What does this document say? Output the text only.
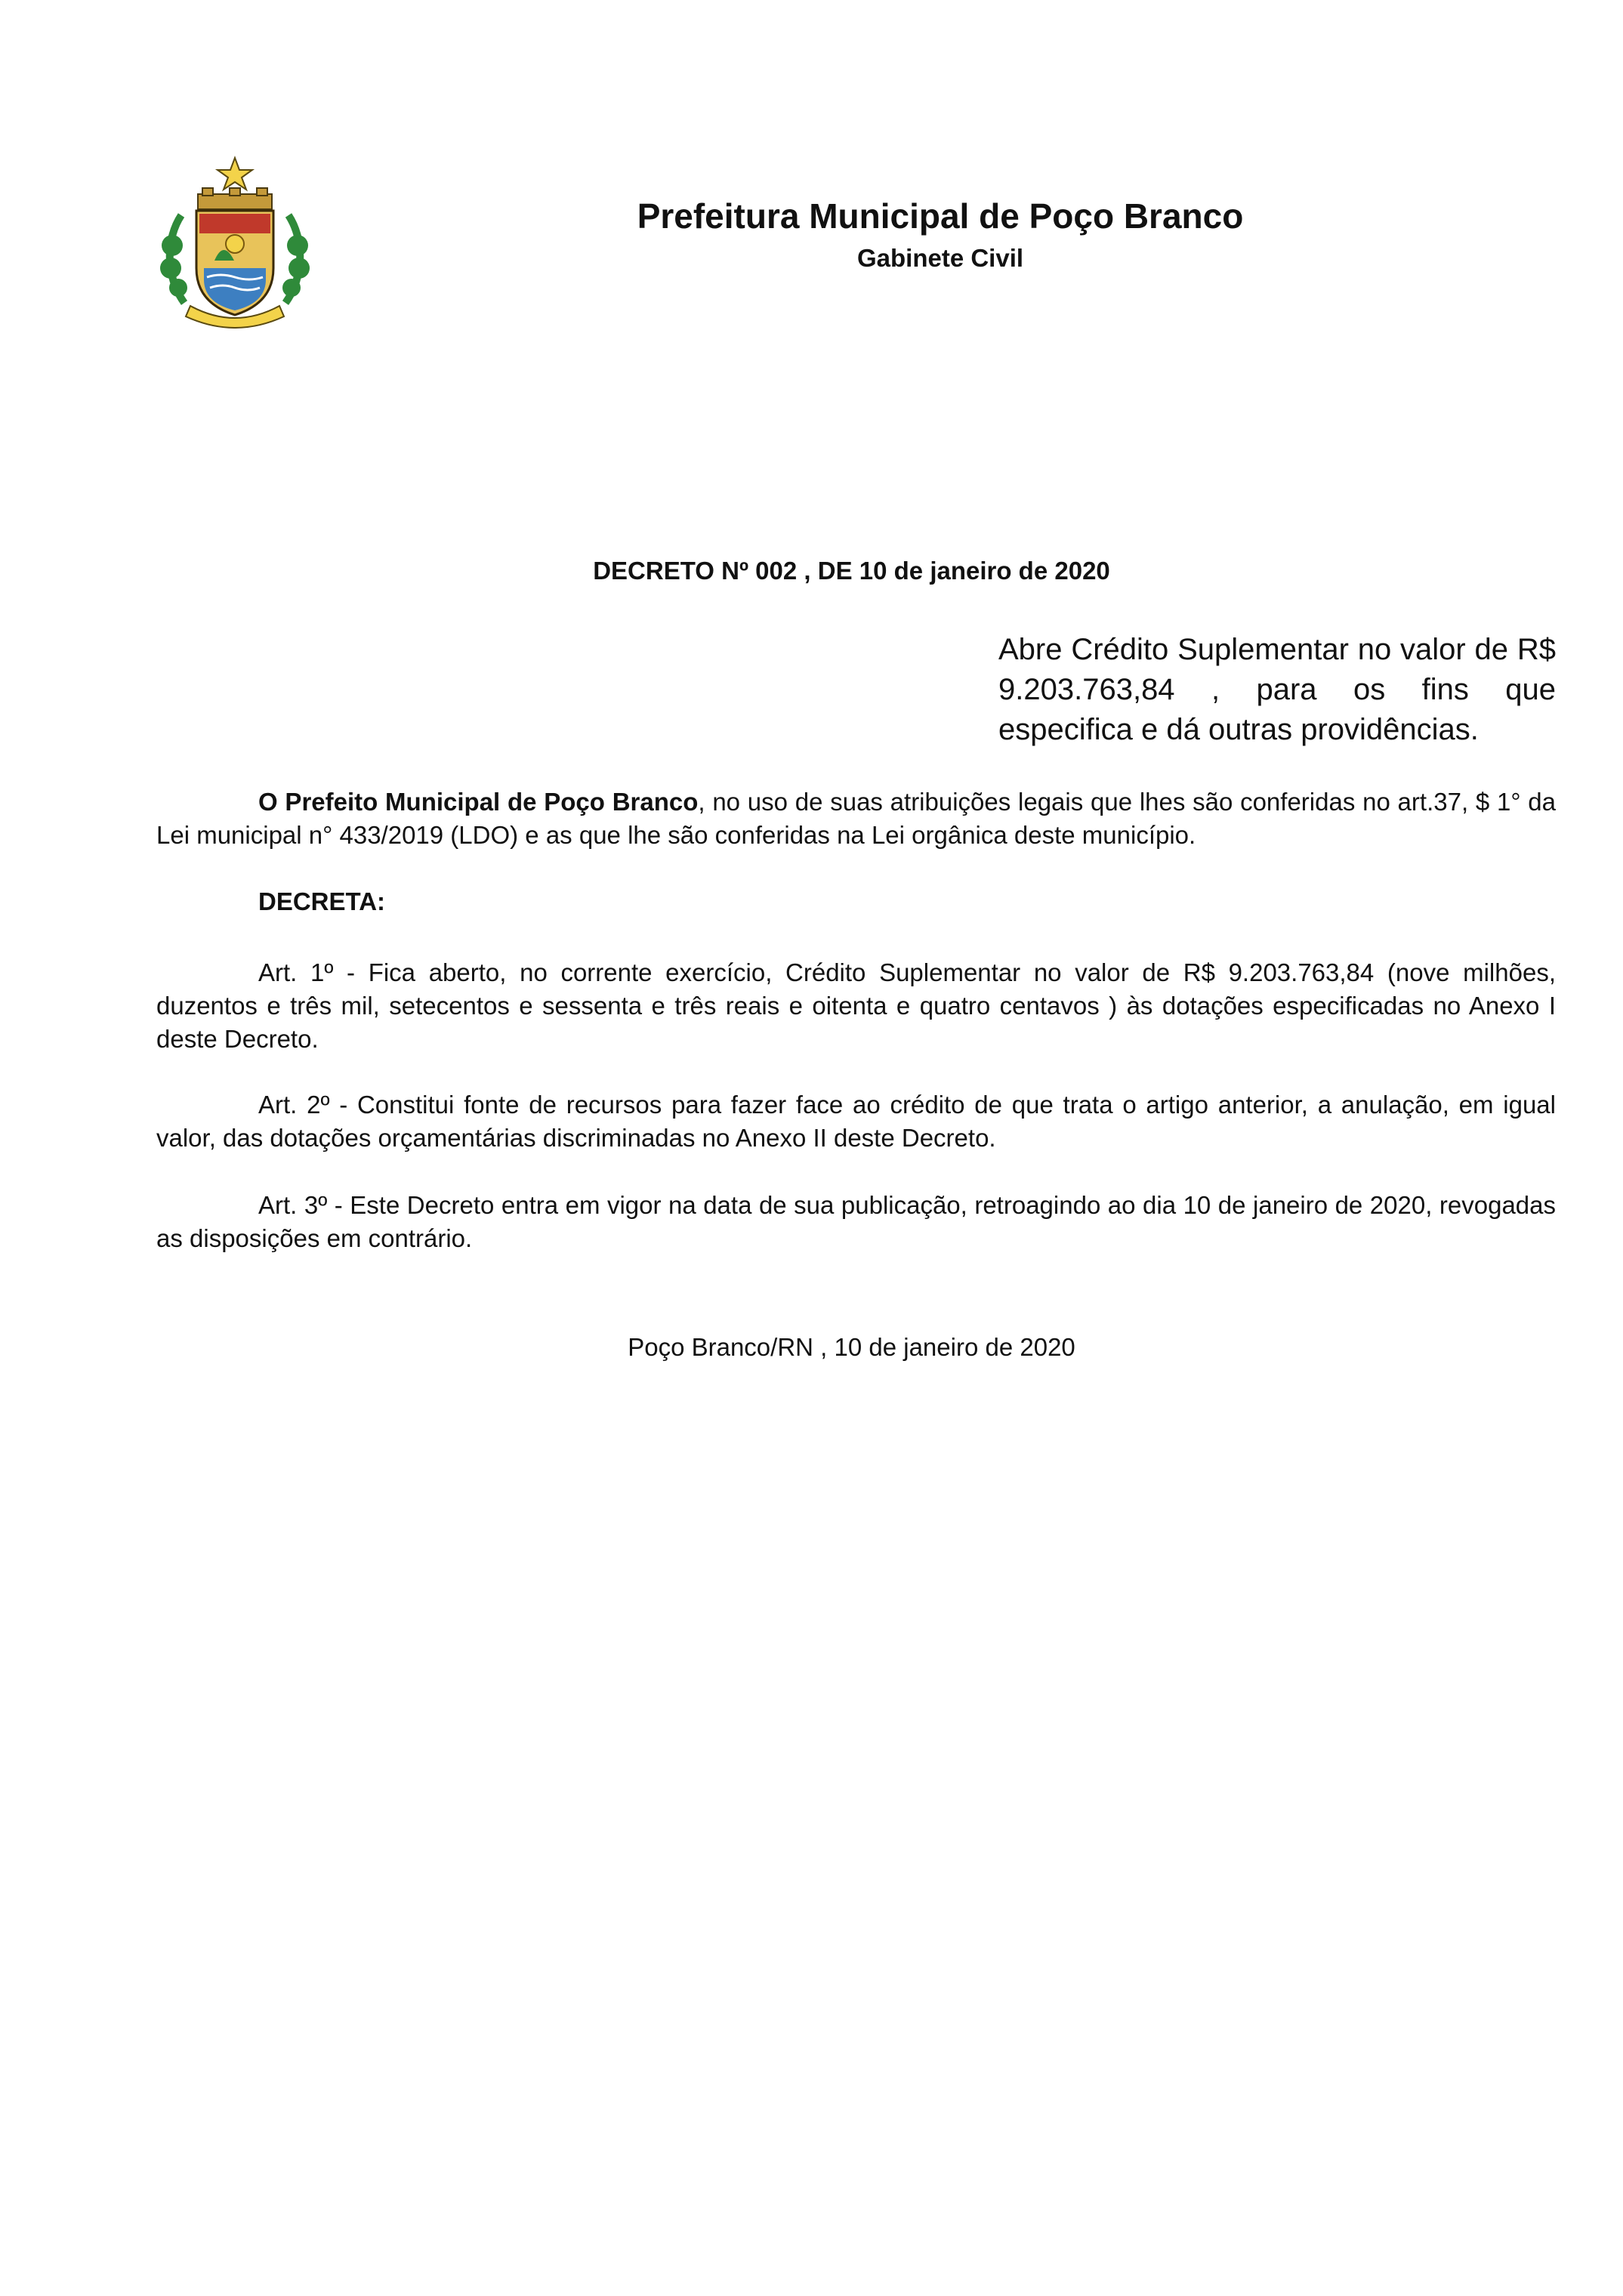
Prefeitura Municipal de Poço Branco
Gabinete Civil
DECRETO Nº 002 , DE 10 de janeiro de 2020
Abre Crédito Suplementar no valor de R$ 9.203.763,84 , para os fins que especifica e dá outras providências.

O Prefeito Municipal de Poço Branco, no uso de suas atribuições legais que lhes são conferidas no art.37, $ 1° da Lei municipal n° 433/2019 (LDO) e as que lhe são conferidas na Lei orgânica deste município.

DECRETA:

Art. 1º - Fica aberto, no corrente exercício, Crédito Suplementar no valor de R$ 9.203.763,84 (nove milhões, duzentos e três mil, setecentos e sessenta e três reais e oitenta e quatro centavos ) às dotações especificadas no Anexo I deste Decreto.

Art. 2º - Constitui fonte de recursos para fazer face ao crédito de que trata o artigo anterior, a anulação, em igual valor, das dotações orçamentárias discriminadas no Anexo II deste Decreto.

Art. 3º - Este Decreto entra em vigor na data de sua publicação, retroagindo ao dia 10 de janeiro de 2020, revogadas as disposições em contrário.

Poço Branco/RN , 10 de janeiro de 2020
